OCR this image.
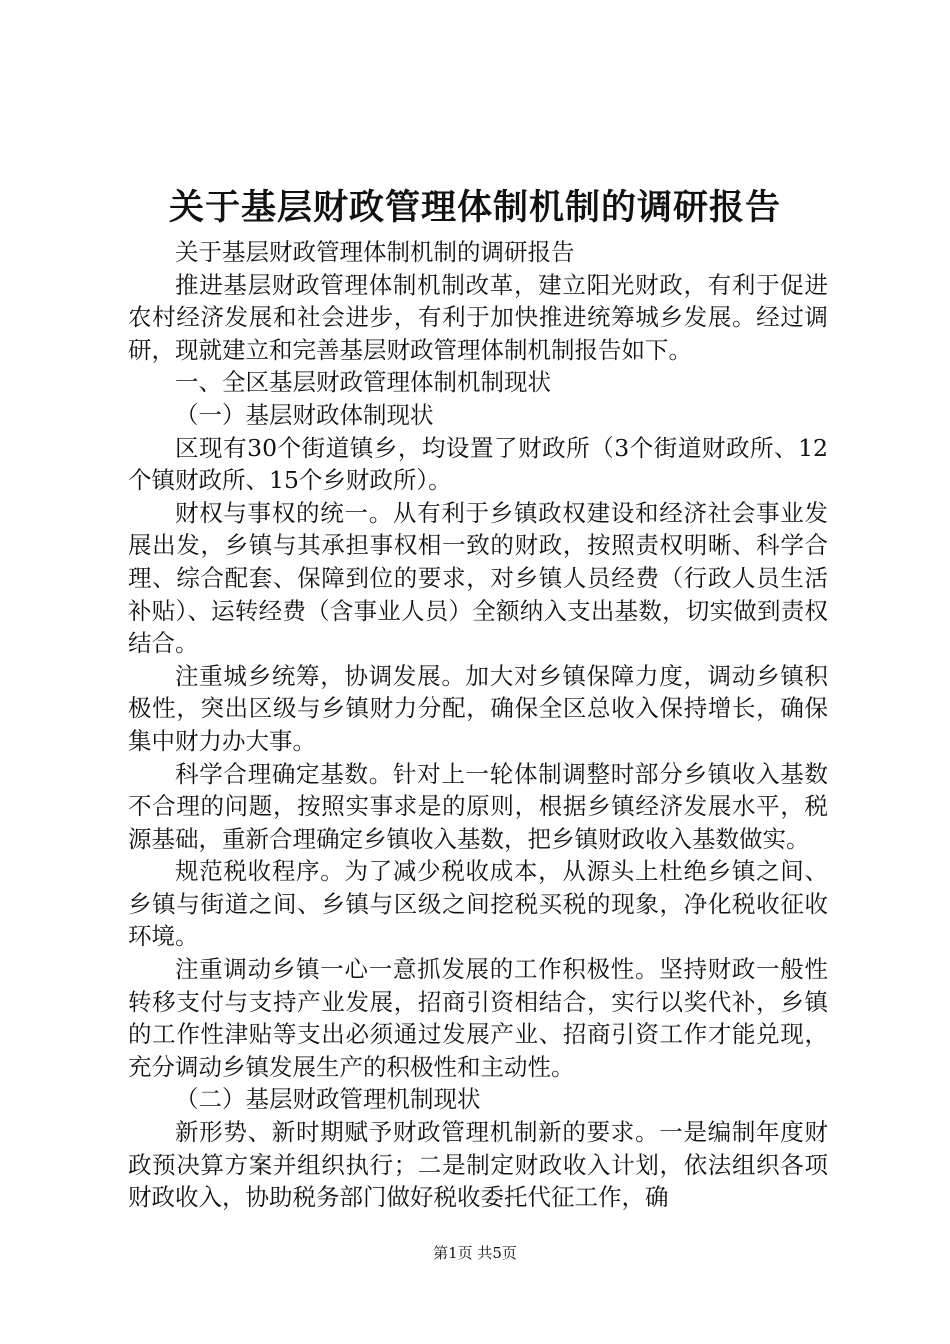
关于基层财政管理体制机制的调研报告

关于基层财政管理体制机制的调研报告

推进基层财政管理体制机制改革，建立阳光财政，有利于促进农村经济发展和社会进步，有利于加快推进统筹城乡发展。经过调研，现就建立和完善基层财政管理体制机制报告如下。

一、全区基层财政管理体制机制现状

（一）基层财政体制现状

区现有30个街道镇乡，均设置了财政所（3个街道财政所、12个镇财政所、15个乡财政所）。

财权与事权的统一。从有利于乡镇政权建设和经济社会事业发展出发，乡镇与其承担事权相一致的财政，按照责权明晰、科学合理、综合配套、保障到位的要求，对乡镇人员经费（行政人员生活补贴）、运转经费（含事业人员）全额纳入支出基数，切实做到责权结合。

注重城乡统筹，协调发展。加大对乡镇保障力度，调动乡镇积极性，突出区级与乡镇财力分配，确保全区总收入保持增长，确保集中财力办大事。

科学合理确定基数。针对上一轮体制调整时部分乡镇收入基数不合理的问题，按照实事求是的原则，根据乡镇经济发展水平，税源基础，重新合理确定乡镇收入基数，把乡镇财政收入基数做实。

规范税收程序。为了减少税收成本，从源头上杜绝乡镇之间、乡镇与街道之间、乡镇与区级之间挖税买税的现象，净化税收征收环境。

注重调动乡镇一心一意抓发展的工作积极性。坚持财政一般性转移支付与支持产业发展，招商引资相结合，实行以奖代补，乡镇的工作性津贴等支出必须通过发展产业、招商引资工作才能兑现，充分调动乡镇发展生产的积极性和主动性。

（二）基层财政管理机制现状

新形势、新时期赋予财政管理机制新的要求。一是编制年度财政预决算方案并组织执行；二是制定财政收入计划，依法组织各项财政收入，协助税务部门做好税收委托代征工作，确

第1页 共5页
